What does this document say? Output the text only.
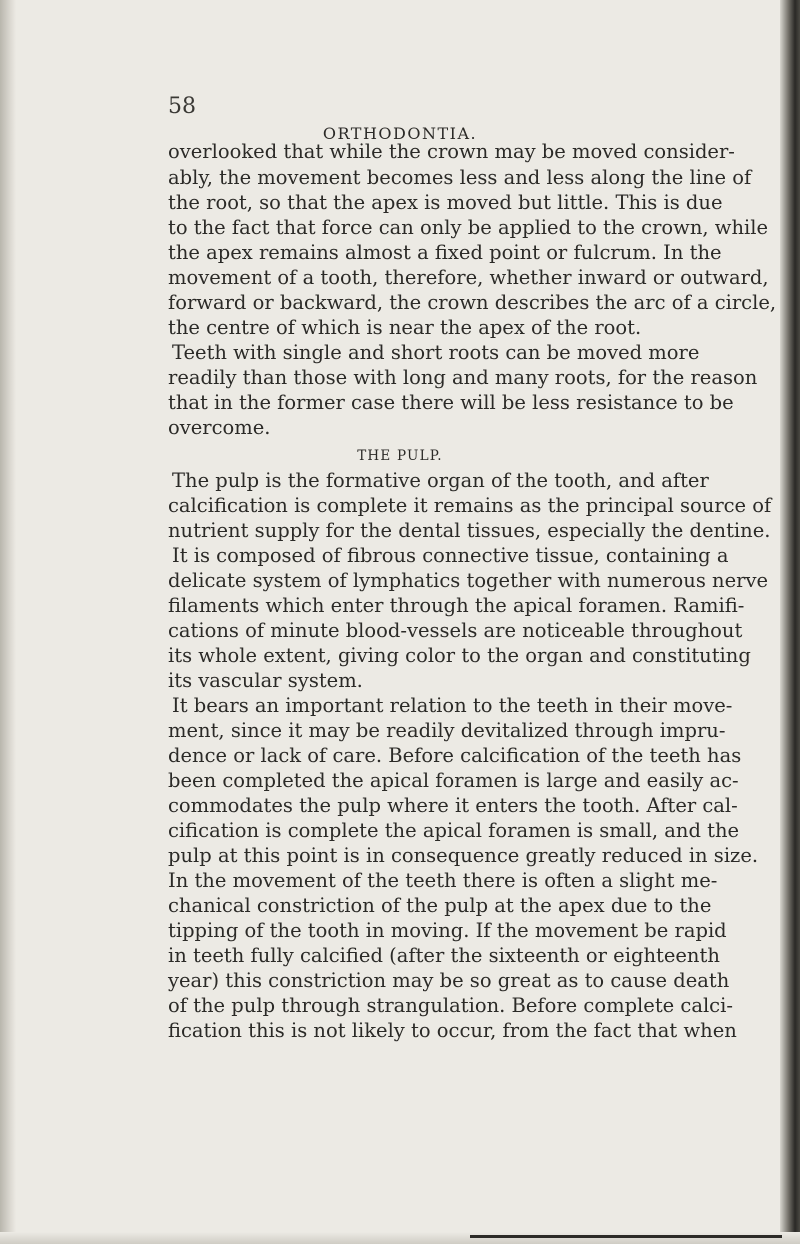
58
ORTHODONTIA.
overlooked that while the crown may be moved consider-
ably, the movement becomes less and less along the line of
the root, so that the apex is moved but little. This is due
to the fact that force can only be applied to the crown, while
the apex remains almost a fixed point or fulcrum. In the
movement of a tooth, therefore, whether inward or outward,
forward or backward, the crown describes the arc of a circle,
the centre of which is near the apex of the root.
Teeth with single and short roots can be moved more
readily than those with long and many roots, for the reason
that in the former case there will be less resistance to be
overcome.
THE PULP.
The pulp is the formative organ of the tooth, and after
calcification is complete it remains as the principal source of
nutrient supply for the dental tissues, especially the dentine.
It is composed of fibrous connective tissue, containing a
delicate system of lymphatics together with numerous nerve
filaments which enter through the apical foramen. Ramifi-
cations of minute blood-vessels are noticeable throughout
its whole extent, giving color to the organ and constituting
its vascular system.
It bears an important relation to the teeth in their move-
ment, since it may be readily devitalized through impru-
dence or lack of care. Before calcification of the teeth has
been completed the apical foramen is large and easily ac-
commodates the pulp where it enters the tooth. After cal-
cification is complete the apical foramen is small, and the
pulp at this point is in consequence greatly reduced in size.
In the movement of the teeth there is often a slight me-
chanical constriction of the pulp at the apex due to the
tipping of the tooth in moving. If the movement be rapid
in teeth fully calcified (after the sixteenth or eighteenth
year) this constriction may be so great as to cause death
of the pulp through strangulation. Before complete calci-
fication this is not likely to occur, from the fact that when
